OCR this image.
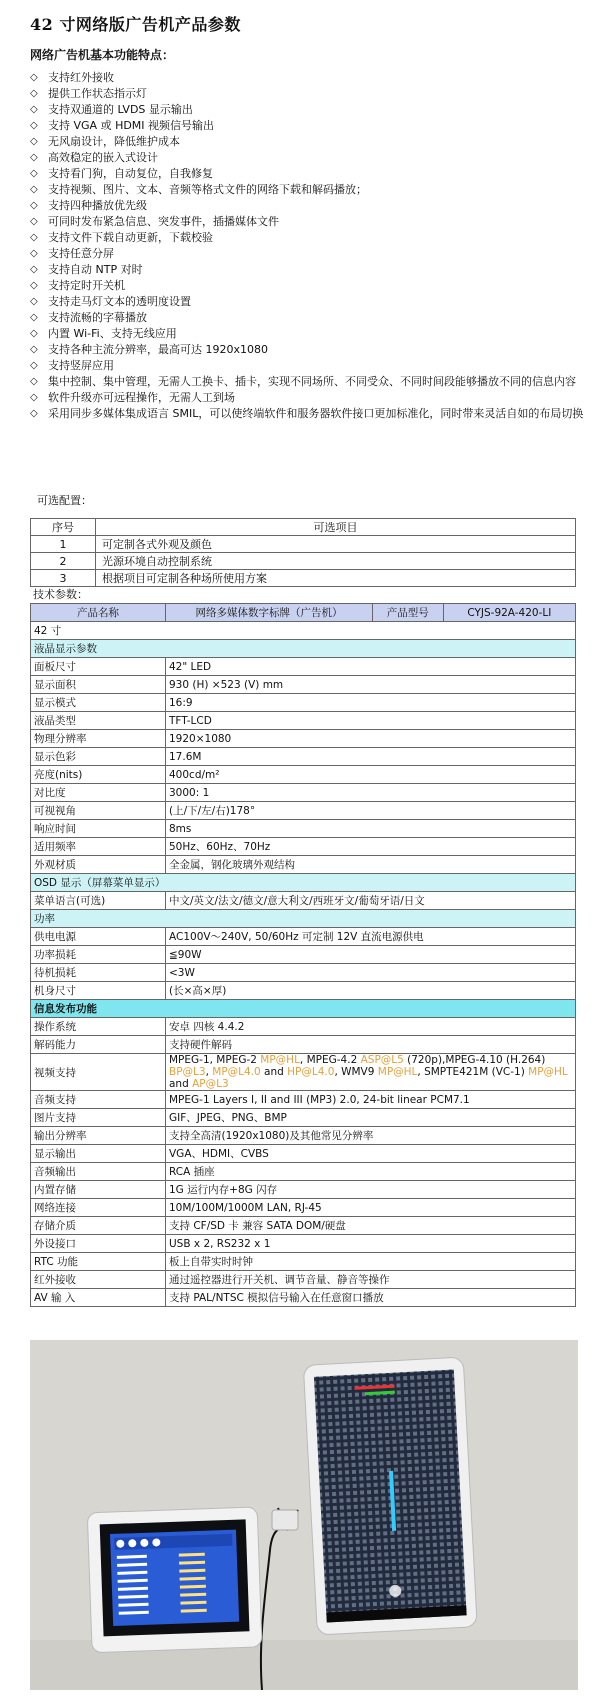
42 寸网络版广告机产品参数
网络广告机基本功能特点：
◇ 支持红外接收
◇ 提供工作状态指示灯
◇ 支持双通道的 LVDS 显示输出
◇ 支持 VGA 或 HDMI 视频信号输出
◇ 无风扇设计，降低维护成本
◇ 高效稳定的嵌入式设计
◇ 支持看门狗，自动复位，自我修复
◇ 支持视频、图片、文本、音频等格式文件的网络下载和解码播放；
◇ 支持四种播放优先级
◇ 可同时发布紧急信息、突发事件，插播媒体文件
◇ 支持文件下载自动更新，下载校验
◇ 支持任意分屏
◇ 支持自动 NTP 对时
◇ 支持定时开关机
◇ 支持走马灯文本的透明度设置
◇ 支持流畅的字幕播放
◇ 内置 Wi-Fi、支持无线应用
◇ 支持各种主流分辨率，最高可达 1920x1080
◇ 支持竖屏应用
◇ 集中控制、集中管理，无需人工换卡、插卡，实现不同场所、不同受众、不同时间段能够播放不同的信息内容
◇ 软件升级亦可远程操作，无需人工到场
◇ 采用同步多媒体集成语言 SMIL，可以使终端软件和服务器软件接口更加标准化，同时带来灵活自如的布局切换
可选配置：
序号	可选项目
1	可定制各式外观及颜色
2	光源环境自动控制系统
3	根据项目可定制各种场所使用方案
技术参数：
产品名称	网络多媒体数字标牌（广告机）	产品型号	CYJS-92A-420-LI
42 寸			
液晶显示参数			
面板尺寸	42" LED		
显示面积	930 (H) ×523 (V) mm		
显示模式	16:9		
液晶类型	TFT-LCD		
物理分辨率	1920×1080		
显示色彩	17.6M		
亮度(nits)	400cd/m²		
对比度	3000: 1		
可视视角	(上/下/左/右)178°		
响应时间	8ms		
适用频率	50Hz、60Hz、70Hz		
外观材质	全金属，钢化玻璃外观结构		
OSD 显示（屏幕菜单显示）			
菜单语言(可选)	中文/英文/法文/德文/意大利文/西班牙文/葡萄牙语/日文		
功率			
供电电源	AC100V～240V, 50/60Hz 可定制 12V 直流电源供电		
功率损耗	≦90W		
待机损耗	<3W		
机身尺寸	(长×高×厚)		
信息发布功能			
操作系统	安卓 四核 4.4.2		
解码能力	支持硬件解码		
视频支持	MPEG-1, MPEG-2 MP@HL, MPEG-4.2 ASP@L5 (720p),MPEG-4.10 (H.264) BP@L3, MP@L4.0 and HP@L4.0, WMV9 MP@HL, SMPTE421M (VC-1) MP@HL and AP@L3		
音频支持	MPEG-1 Layers I, II and III (MP3) 2.0, 24-bit linear PCM7.1		
图片支持	GIF、JPEG、PNG、BMP		
输出分辨率	支持全高清(1920x1080)及其他常见分辨率		
显示输出	VGA、HDMI、CVBS		
音频输出	RCA 插座		
内置存储	1G 运行内存+8G 闪存		
网络连接	10M/100M/1000M LAN, RJ-45		
存储介质	支持 CF/SD 卡 兼容 SATA DOM/硬盘		
外设接口	USB x 2, RS232 x 1		
RTC 功能	板上自带实时时钟		
红外接收	通过遥控器进行开关机、调节音量、静音等操作		
AV 输 入	支持 PAL/NTSC 模拟信号输入在任意窗口播放		
